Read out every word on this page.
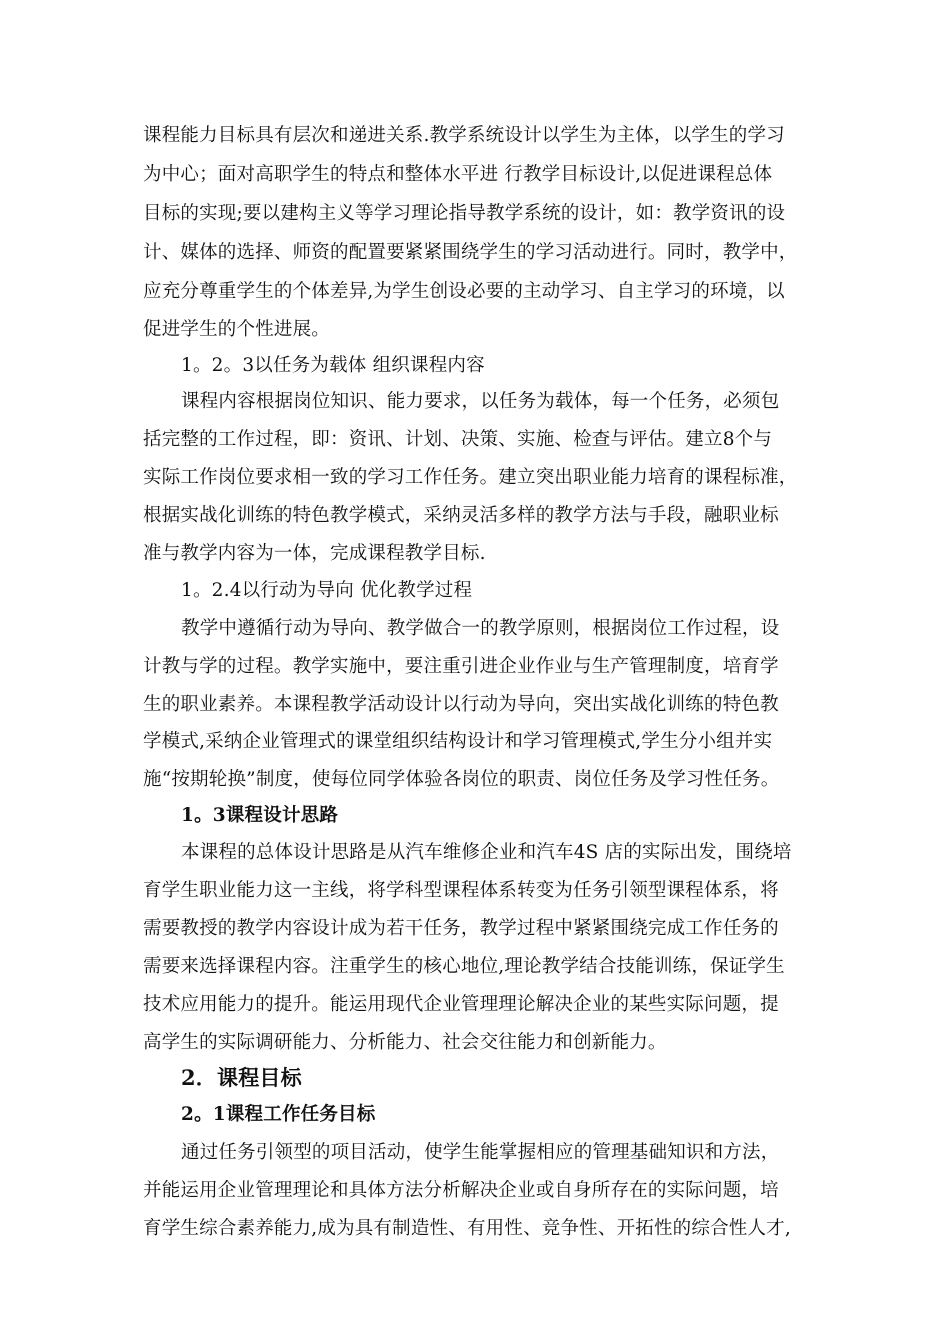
课程能力目标具有层次和递进关系.教学系统设计以学生为主体，以学生的学习
为中心；面对高职学生的特点和整体水平进 行教学目标设计,以促进课程总体
目标的实现;要以建构主义等学习理论指导教学系统的设计，如：教学资讯的设
计、媒体的选择、师资的配置要紧紧围绕学生的学习活动进行。同时，教学中，
应充分尊重学生的个体差异,为学生创设必要的主动学习、自主学习的环境，以
促进学生的个性进展。
1。2。3以任务为载体 组织课程内容
课程内容根据岗位知识、能力要求，以任务为载体，每一个任务，必须包
括完整的工作过程，即：资讯、计划、决策、实施、检查与评估。建立8个与
实际工作岗位要求相一致的学习工作任务。建立突出职业能力培育的课程标准，
根据实战化训练的特色教学模式，采纳灵活多样的教学方法与手段，融职业标
准与教学内容为一体，完成课程教学目标.
1。2.4以行动为导向 优化教学过程
教学中遵循行动为导向、教学做合一的教学原则，根据岗位工作过程，设
计教与学的过程。教学实施中，要注重引进企业作业与生产管理制度，培育学
生的职业素养。本课程教学活动设计以行动为导向，突出实战化训练的特色教
学模式,采纳企业管理式的课堂组织结构设计和学习管理模式,学生分小组并实
施“按期轮换”制度，使每位同学体验各岗位的职责、岗位任务及学习性任务。
1。3课程设计思路
本课程的总体设计思路是从汽车维修企业和汽车4S 店的实际出发，围绕培
育学生职业能力这一主线，将学科型课程体系转变为任务引领型课程体系，将
需要教授的教学内容设计成为若干任务，教学过程中紧紧围绕完成工作任务的
需要来选择课程内容。注重学生的核心地位,理论教学结合技能训练，保证学生
技术应用能力的提升。能运用现代企业管理理论解决企业的某些实际问题，提
高学生的实际调研能力、分析能力、社会交往能力和创新能力。
2．课程目标
2。1课程工作任务目标
通过任务引领型的项目活动，使学生能掌握相应的管理基础知识和方法，
并能运用企业管理理论和具体方法分析解决企业或自身所存在的实际问题，培
育学生综合素养能力,成为具有制造性、有用性、竞争性、开拓性的综合性人才,
